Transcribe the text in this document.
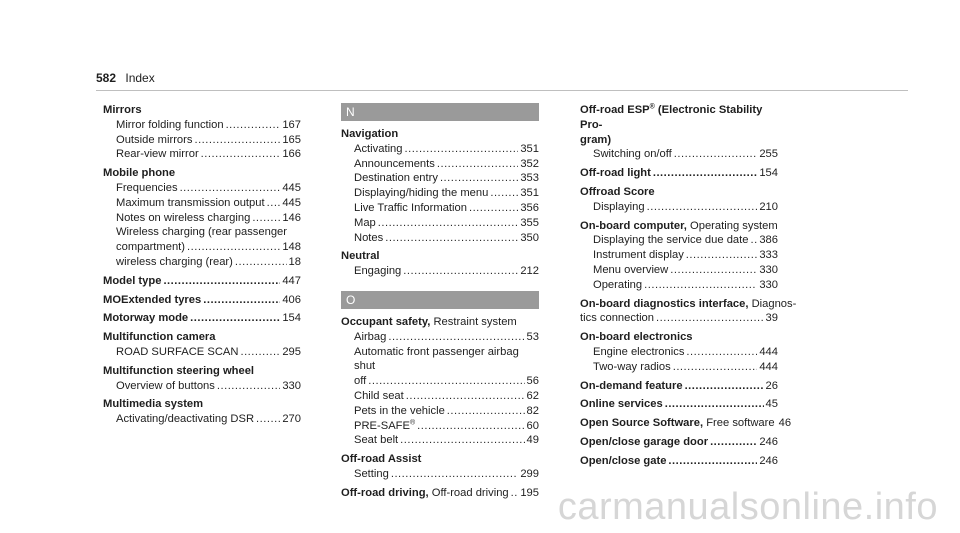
582 Index
Mirrors
Mirror folding function .....	167
Outside mirrors .....	165
Rear-view mirror .....	166
Mobile phone
Frequencies .....	445
Maximum transmission output ..... 445
Notes on wireless charging .....	146
Wireless charging (rear passenger
compartment) .....	148
wireless charging (rear) .....	18
Model type .....	447
MOExtended tyres .....	406
Motorway mode .....	154
Multifunction camera
ROAD SURFACE SCAN .....	295
Multifunction steering wheel
Overview of buttons .....	330
Multimedia system
Activating/deactivating DSR .....	270
N
Navigation
Activating .....	351
Announcements .....	352
Destination entry .....	353
Displaying/hiding the menu .....	351
Live Traffic Information .....	356
Map .....	355
Notes .....	350
Neutral
Engaging .....	212
O
Occupant safety,
Restraint system
Airbag .....	53
Automatic front passenger airbag shut
off .....	56
Child seat .....	62
Pets in the vehicle .....	82
PRE-SAFE® .....	60
Seat belt .....	49
Off-road Assist
Setting .....	299
Off-road driving,
Off-road driving ..... 195
Off-road ESP® (Electronic Stability Pro-
gram)
Switching on/off .....	255
Off-road light .....	154
Offroad Score
Displaying .....	210
On-board computer,
Operating system
Displaying the service due date ..... 386
Instrument display .....	333
Menu overview .....	330
Operating .....	330
On-board diagnostics interface,
Diagnos-
tics connection .....	39
On-board electronics
Engine electronics .....	444
Two-way radios .....	444
On-demand feature .....	26
Online services .....	45
Open Source Software,
Free software 46
Open/close garage door .....	246
Open/close gate .....	246
carmanualsonline.info
